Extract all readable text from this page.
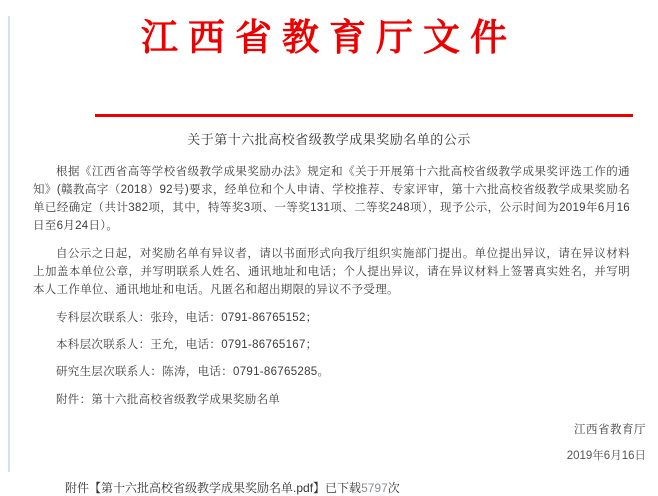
江西省教育厅文件
关于第十六批高校省级教学成果奖励名单的公示

根据《江西省高等学校省级教学成果奖励办法》规定和《关于开展第十六批高校省级教学成果奖评选工作的通知》(赣教高字（2018）92号)要求，经单位和个人申请、学校推荐、专家评审，第十六批高校省级教学成果奖励名单已经确定（共计382项，其中，特等奖3项、一等奖131项、二等奖248项），现予公示，公示时间为2019年6月16日至6月24日）。

自公示之日起，对奖励名单有异议者，请以书面形式向我厅组织实施部门提出。单位提出异议，请在异议材料上加盖本单位公章，并写明联系人姓名、通讯地址和电话；个人提出异议，请在异议材料上签署真实姓名，并写明本人工作单位、通讯地址和电话。凡匿名和超出期限的异议不予受理。

专科层次联系人：张玲，电话：0791-86765152；

本科层次联系人：王允，电话：0791-86765167；

研究生层次联系人：陈涛，电话：0791-86765285。

附件：第十六批高校省级教学成果奖励名单

江西省教育厅
2019年6月16日
附件【第十六批高校省级教学成果奖励名单.pdf】已下载5797次
